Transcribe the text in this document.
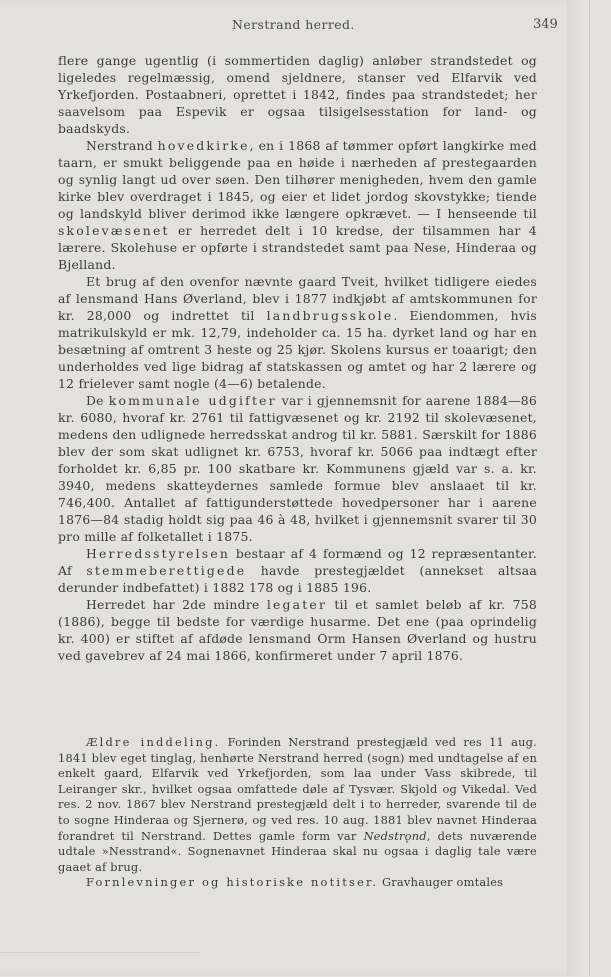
Nerstrand herred.	349

flere gange ugentlig (i sommertiden daglig) anløber strandstedet og ligeledes regelmæssig, omend sjeldnere, stanser ved Elfarvik ved Yrkefjorden. Postaabneri, oprettet i 1842, findes paa strandstedet; her saavelsom paa Espevik er ogsaa tilsigelsesstation for land- og baadskyds.

Nerstrand hovedkirke, en i 1868 af tømmer opført langkirke med taarn, er smukt beliggende paa en høide i nærheden af prestegaarden og synlig langt ud over søen. Den tilhører menigheden, hvem den gamle kirke blev overdraget i 1845, og eier et lidet jordog skovstykke; tiende og landskyld bliver derimod ikke længere opkrævet. — I henseende til skolevæsenet er herredet delt i 10 kredse, der tilsammen har 4 lærere. Skolehuse er opførte i strandstedet samt paa Nese, Hinderaa og Bjelland.

Et brug af den ovenfor nævnte gaard Tveit, hvilket tidligere eiedes af lensmand Hans Øverland, blev i 1877 indkjøbt af amtskommunen for kr. 28,000 og indrettet til landbrugsskole. Eiendommen, hvis matrikulskyld er mk. 12,79, indeholder ca. 15 ha. dyrket land og har en besætning af omtrent 3 heste og 25 kjør. Skolens kursus er toaarigt; den underholdes ved lige bidrag af statskassen og amtet og har 2 lærere og 12 frielever samt nogle (4—6) betalende.

De kommunale udgifter var i gjennemsnit for aarene 1884—86 kr. 6080, hvoraf kr. 2761 til fattigvæsenet og kr. 2192 til skolevæsenet, medens den udlignede herredsskat androg til kr. 5881. Særskilt for 1886 blev der som skat udlignet kr. 6753, hvoraf kr. 5066 paa indtægt efter forholdet kr. 6,85 pr. 100 skatbare kr. Kommunens gjæld var s. a. kr. 3940, medens skatteydernes samlede formue blev anslaaet til kr. 746,400. Antallet af fattigunderstøttede hovedpersoner har i aarene 1876—84 stadig holdt sig paa 46 à 48, hvilket i gjennemsnit svarer til 30 pro mille af folketallet i 1875.

Herredsstyrelsen bestaar af 4 formænd og 12 repræsentanter. Af stemmeberettigede havde prestegjældet (annekset altsaa derunder indbefattet) i 1882 178 og i 1885 196.

Herredet har 2de mindre legater til et samlet beløb af kr. 758 (1886), begge til bedste for værdige husarme. Det ene (paa oprindelig kr. 400) er stiftet af afdøde lensmand Orm Hansen Øverland og hustru ved gavebrev af 24 mai 1866, konfirmeret under 7 april 1876.

Ældre inddeling. Forinden Nerstrand prestegjæld ved res 11 aug. 1841 blev eget tinglag, henhørte Nerstrand herred (sogn) med undtagelse af en enkelt gaard, Elfarvik ved Yrkefjorden, som laa under Vass skibrede, til Leiranger skr., hvilket ogsaa omfattede døle af Tysvær. Skjold og Vikedal. Ved res. 2 nov. 1867 blev Nerstrand prestegjæld delt i to herreder, svarende til de to sogne Hinderaa og Sjernerø, og ved res. 10 aug. 1881 blev navnet Hinderaa forandret til Nerstrand. Dettes gamle form var Nedstrǫnd, dets nuværende udtale »Nesstrand«. Sognenavnet Hinderaa skal nu ogsaa i daglig tale være gaaet af brug.

Fornlevninger og historiske notitser. Gravhauger omtales
